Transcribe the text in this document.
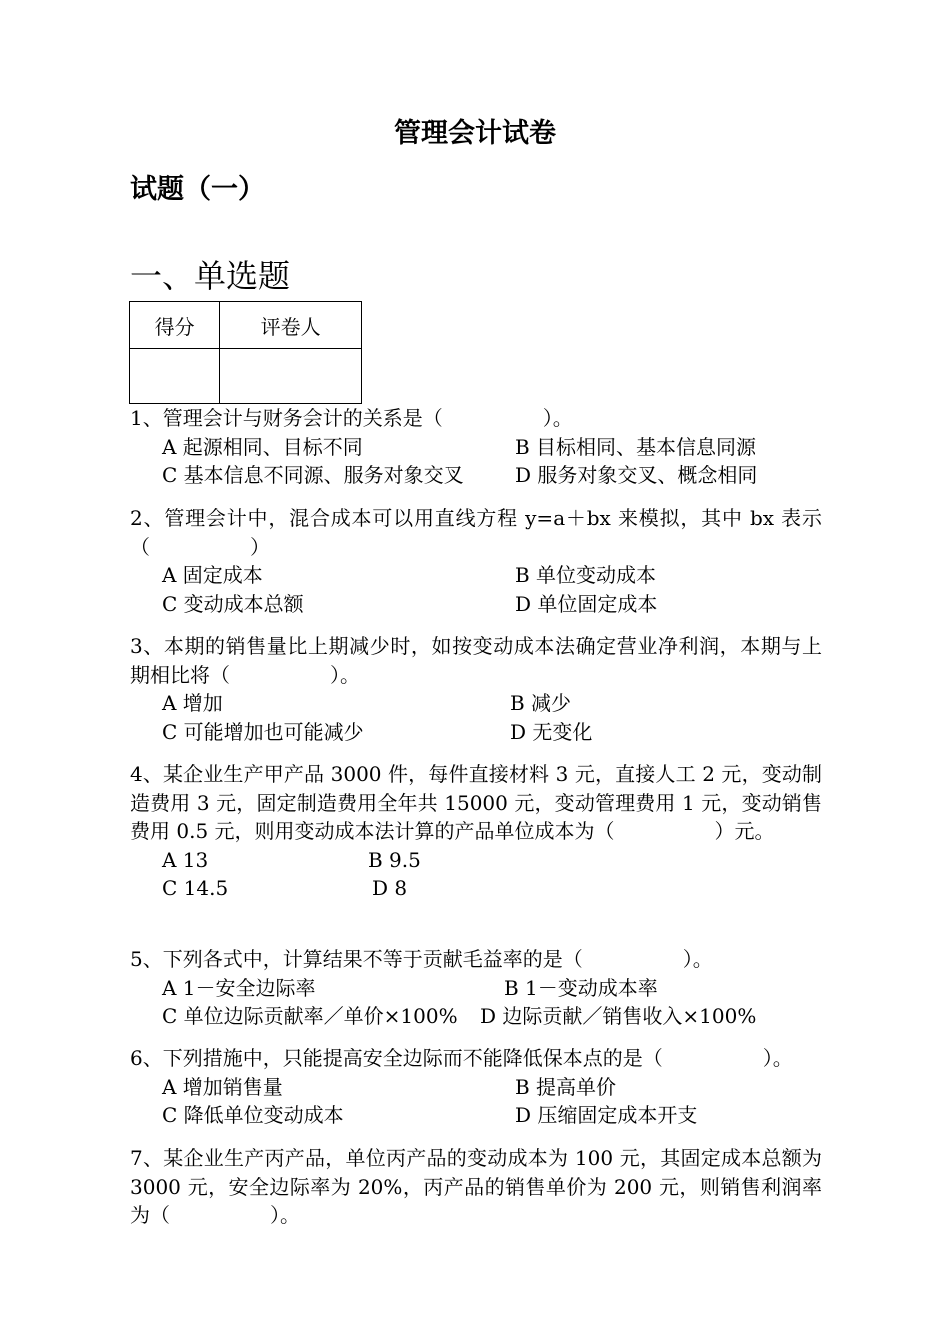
管理会计试卷
试题（一）
一、单选题
得分	评卷人

1、管理会计与财务会计的关系是（　　　　　）。
A 起源相同、目标不同	B 目标相同、基本信息同源
C 基本信息不同源、服务对象交叉	D 服务对象交叉、概念相同
2、管理会计中，混合成本可以用直线方程 y=a＋bx 来模拟，其中 bx 表示（　　　　　）
A 固定成本	B 单位变动成本
C 变动成本总额	D 单位固定成本
3、本期的销售量比上期减少时，如按变动成本法确定营业净利润，本期与上期相比将（　　　　　）。
A 增加	B 减少
C 可能增加也可能减少	D 无变化
4、某企业生产甲产品 3000 件，每件直接材料 3 元，直接人工 2 元，变动制造费用 3 元，固定制造费用全年共 15000 元，变动管理费用 1 元，变动销售费用 0.5 元，则用变动成本法计算的产品单位成本为（　　　　　）元。
A 13	B 9.5
C 14.5	D 8
5、下列各式中，计算结果不等于贡献毛益率的是（　　　　　）。
A 1－安全边际率	B 1－变动成本率
C 单位边际贡献率／单价×100% D 边际贡献／销售收入×100%
6、下列措施中，只能提高安全边际而不能降低保本点的是（　　　　　）。
A 增加销售量	B 提高单价
C 降低单位变动成本	D 压缩固定成本开支
7、某企业生产丙产品，单位丙产品的变动成本为 100 元，其固定成本总额为 3000 元，安全边际率为 20%，丙产品的销售单价为 200 元，则销售利润率为（　　　　　）。
